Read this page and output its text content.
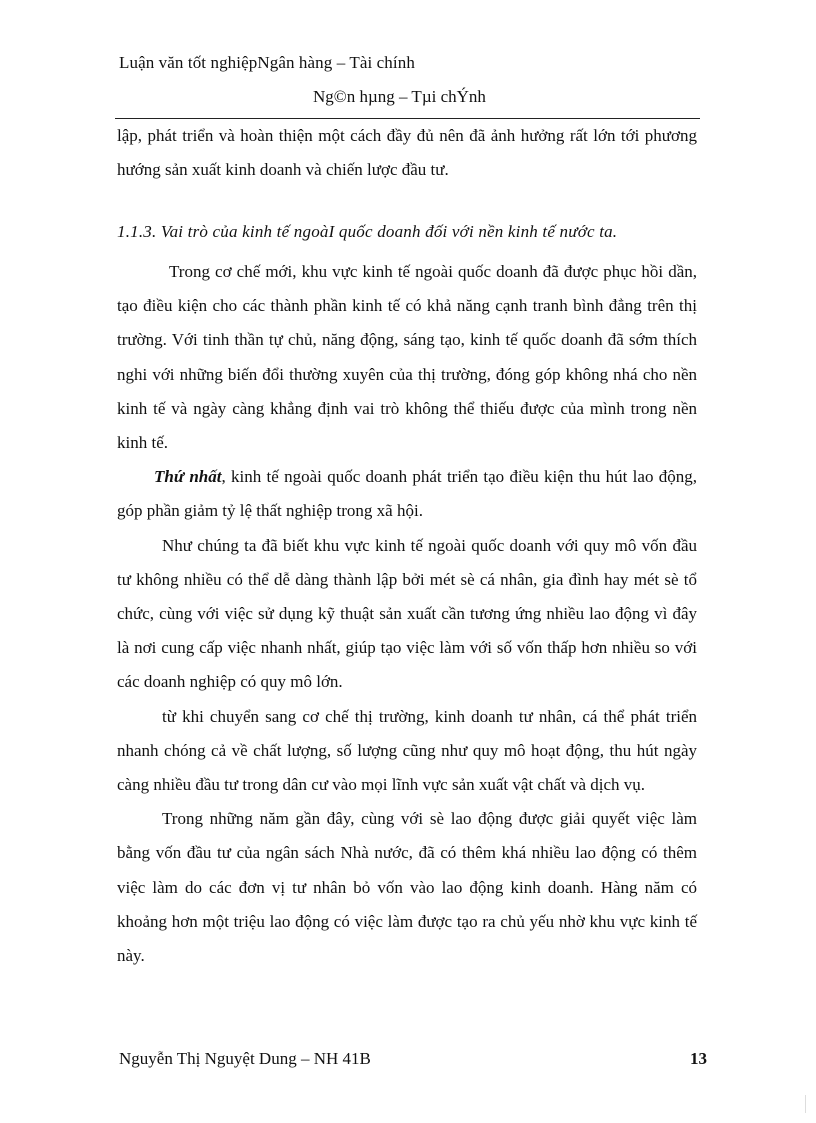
Luận văn tốt nghiệpNgân hàng – Tài chính
Ng©n hµng – Tµi chÝnh

lập, phát triển và hoàn thiện một cách đầy đủ nên đã ảnh hưởng rất lớn tới phương hướng sản xuất kinh doanh và chiến lược đầu tư.

1.1.3. Vai trò của kinh tế ngoàI quốc doanh đối với nền kinh tế nước ta.

Trong cơ chế mới, khu vực kinh tế ngoài quốc doanh đã được phục hồi dần, tạo điều kiện cho các thành phần kinh tế có khả năng cạnh tranh bình đẳng trên thị trường. Với tinh thần tự chủ, năng động, sáng tạo, kinh tế quốc doanh đã sớm thích nghi với những biến đổi thường xuyên của thị trường, đóng góp không nhá cho nền kinh tế và ngày càng khẳng định vai trò không thể thiếu được của mình trong nền kinh tế.

Thứ nhất, kinh tế ngoài quốc doanh phát triển tạo điều kiện thu hút lao động, góp phần giảm tỷ lệ thất nghiệp trong xã hội.

Như chúng ta đã biết khu vực kinh tế ngoài quốc doanh với quy mô vốn đầu tư không nhiều có thể dễ dàng thành lập bởi mét sè cá nhân, gia đình hay mét sè tổ chức, cùng với việc sử dụng kỹ thuật sản xuất cần tương ứng nhiều lao động vì đây là nơi cung cấp việc nhanh nhất, giúp tạo việc làm với số vốn thấp hơn nhiều so với các doanh nghiệp có quy mô lớn.

từ khi chuyển sang cơ chế thị trường, kinh doanh tư nhân, cá thể phát triển nhanh chóng cả về chất lượng, số lượng cũng như quy mô hoạt động, thu hút ngày càng nhiều đầu tư trong dân cư vào mọi lĩnh vực sản xuất vật chất và dịch vụ.

Trong những năm gần đây, cùng với sè lao động được giải quyết việc làm bằng vốn đầu tư của ngân sách Nhà nước, đã có thêm khá nhiều lao động có thêm việc làm do các đơn vị tư nhân bỏ vốn vào lao động kinh doanh. Hàng năm có khoảng hơn một triệu lao động có việc làm được tạo ra chủ yếu nhờ khu vực kinh tế này.

Nguyễn Thị Nguyệt Dung – NH 41B	13
